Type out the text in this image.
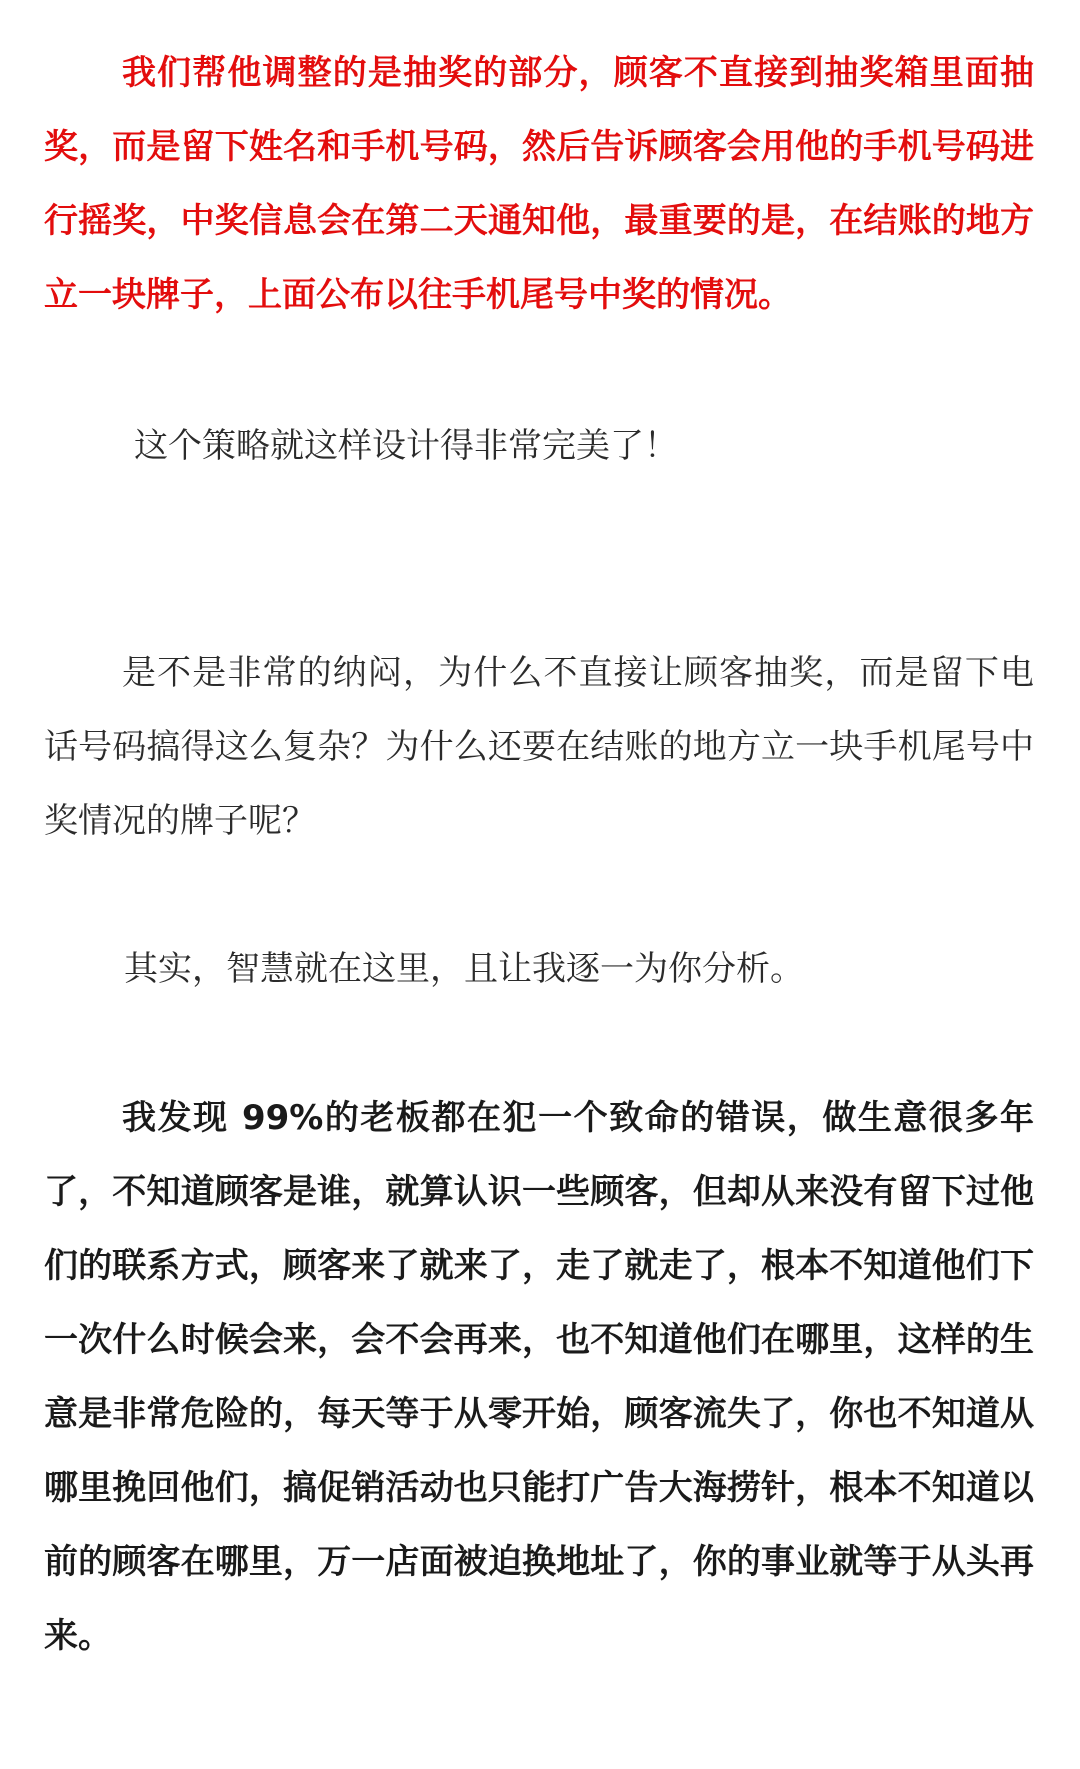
我们帮他调整的是抽奖的部分，顾客不直接到抽奖箱里面抽奖，而是留下姓名和手机号码，然后告诉顾客会用他的手机号码进行摇奖，中奖信息会在第二天通知他，最重要的是，在结账的地方立一块牌子，上面公布以往手机尾号中奖的情况。

这个策略就这样设计得非常完美了！

是不是非常的纳闷，为什么不直接让顾客抽奖，而是留下电话号码搞得这么复杂？为什么还要在结账的地方立一块手机尾号中奖情况的牌子呢？

其实，智慧就在这里，且让我逐一为你分析。

我发现 99%的老板都在犯一个致命的错误，做生意很多年了，不知道顾客是谁，就算认识一些顾客，但却从来没有留下过他们的联系方式，顾客来了就来了，走了就走了，根本不知道他们下一次什么时候会来，会不会再来，也不知道他们在哪里，这样的生意是非常危险的，每天等于从零开始，顾客流失了，你也不知道从哪里挽回他们，搞促销活动也只能打广告大海捞针，根本不知道以前的顾客在哪里，万一店面被迫换地址了，你的事业就等于从头再来。
